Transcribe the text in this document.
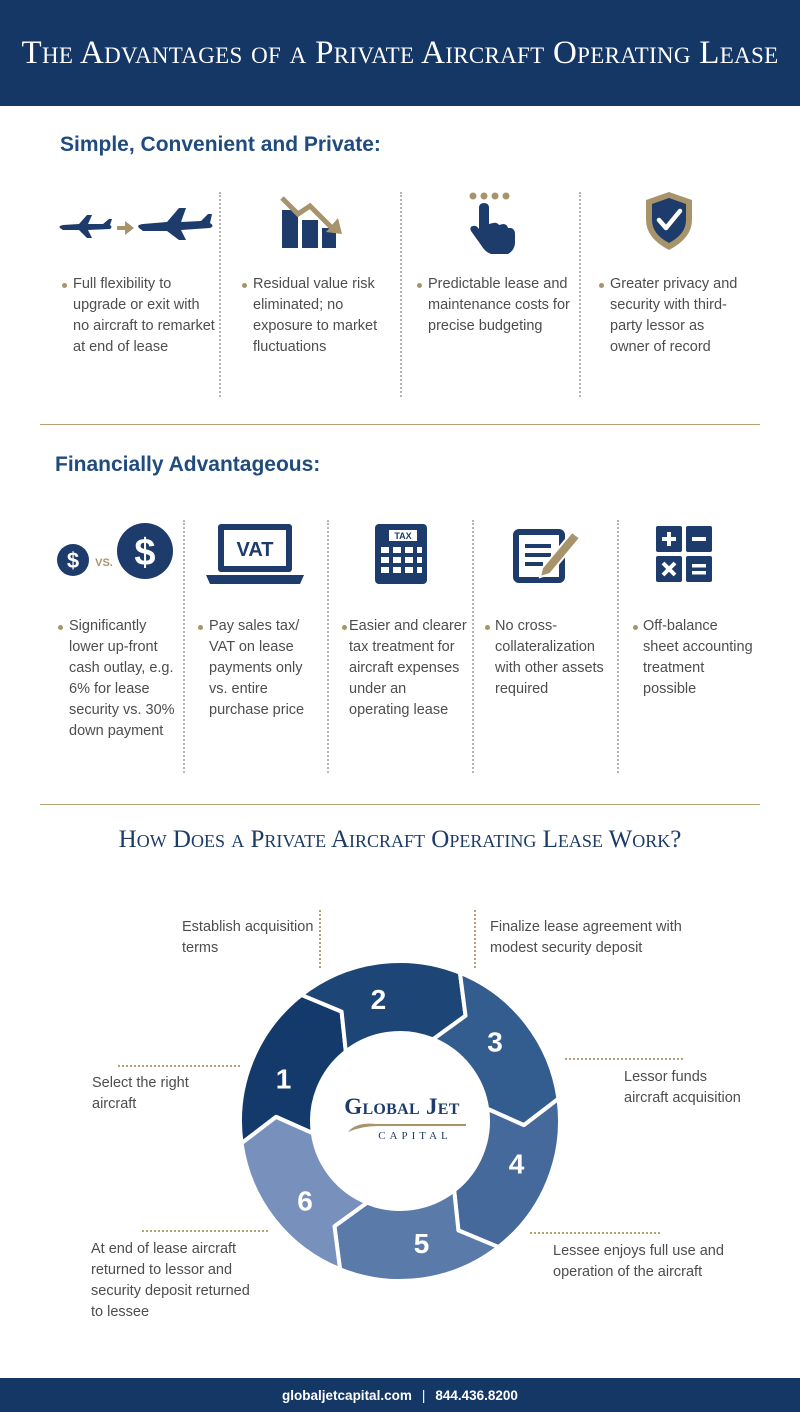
The Advantages of a Private Aircraft Operating Lease
Simple, Convenient and Private:

Full flexibility to upgrade or exit with no aircraft to remarket at end of lease

Residual value risk eliminated; no exposure to market fluctuations

Predictable lease and maintenance costs for precise budgeting

Greater privacy and security with third-party lessor as owner of record

Financially Advantageous:
$ VS. $

Significantly lower up-front cash outlay, e.g. 6% for lease security vs. 30% down payment

VAT

Pay sales tax/ VAT on lease payments only vs. entire purchase price

TAX

Easier and clearer tax treatment for aircraft expenses under an operating lease

No cross-collateralization with other assets required

Off-balance sheet accounting treatment possible

How Does a Private Aircraft Operating Lease Work?
1
2
3
4
5
6
Global Jet
CAPITAL

Establish acquisition terms

Finalize lease agreement with modest security deposit

Select the right aircraft

Lessor funds aircraft acquisition

Lessee enjoys full use and operation of the aircraft

At end of lease aircraft returned to lessor and security deposit returned to lessee

globaljetcapital.com | 844.436.8200
